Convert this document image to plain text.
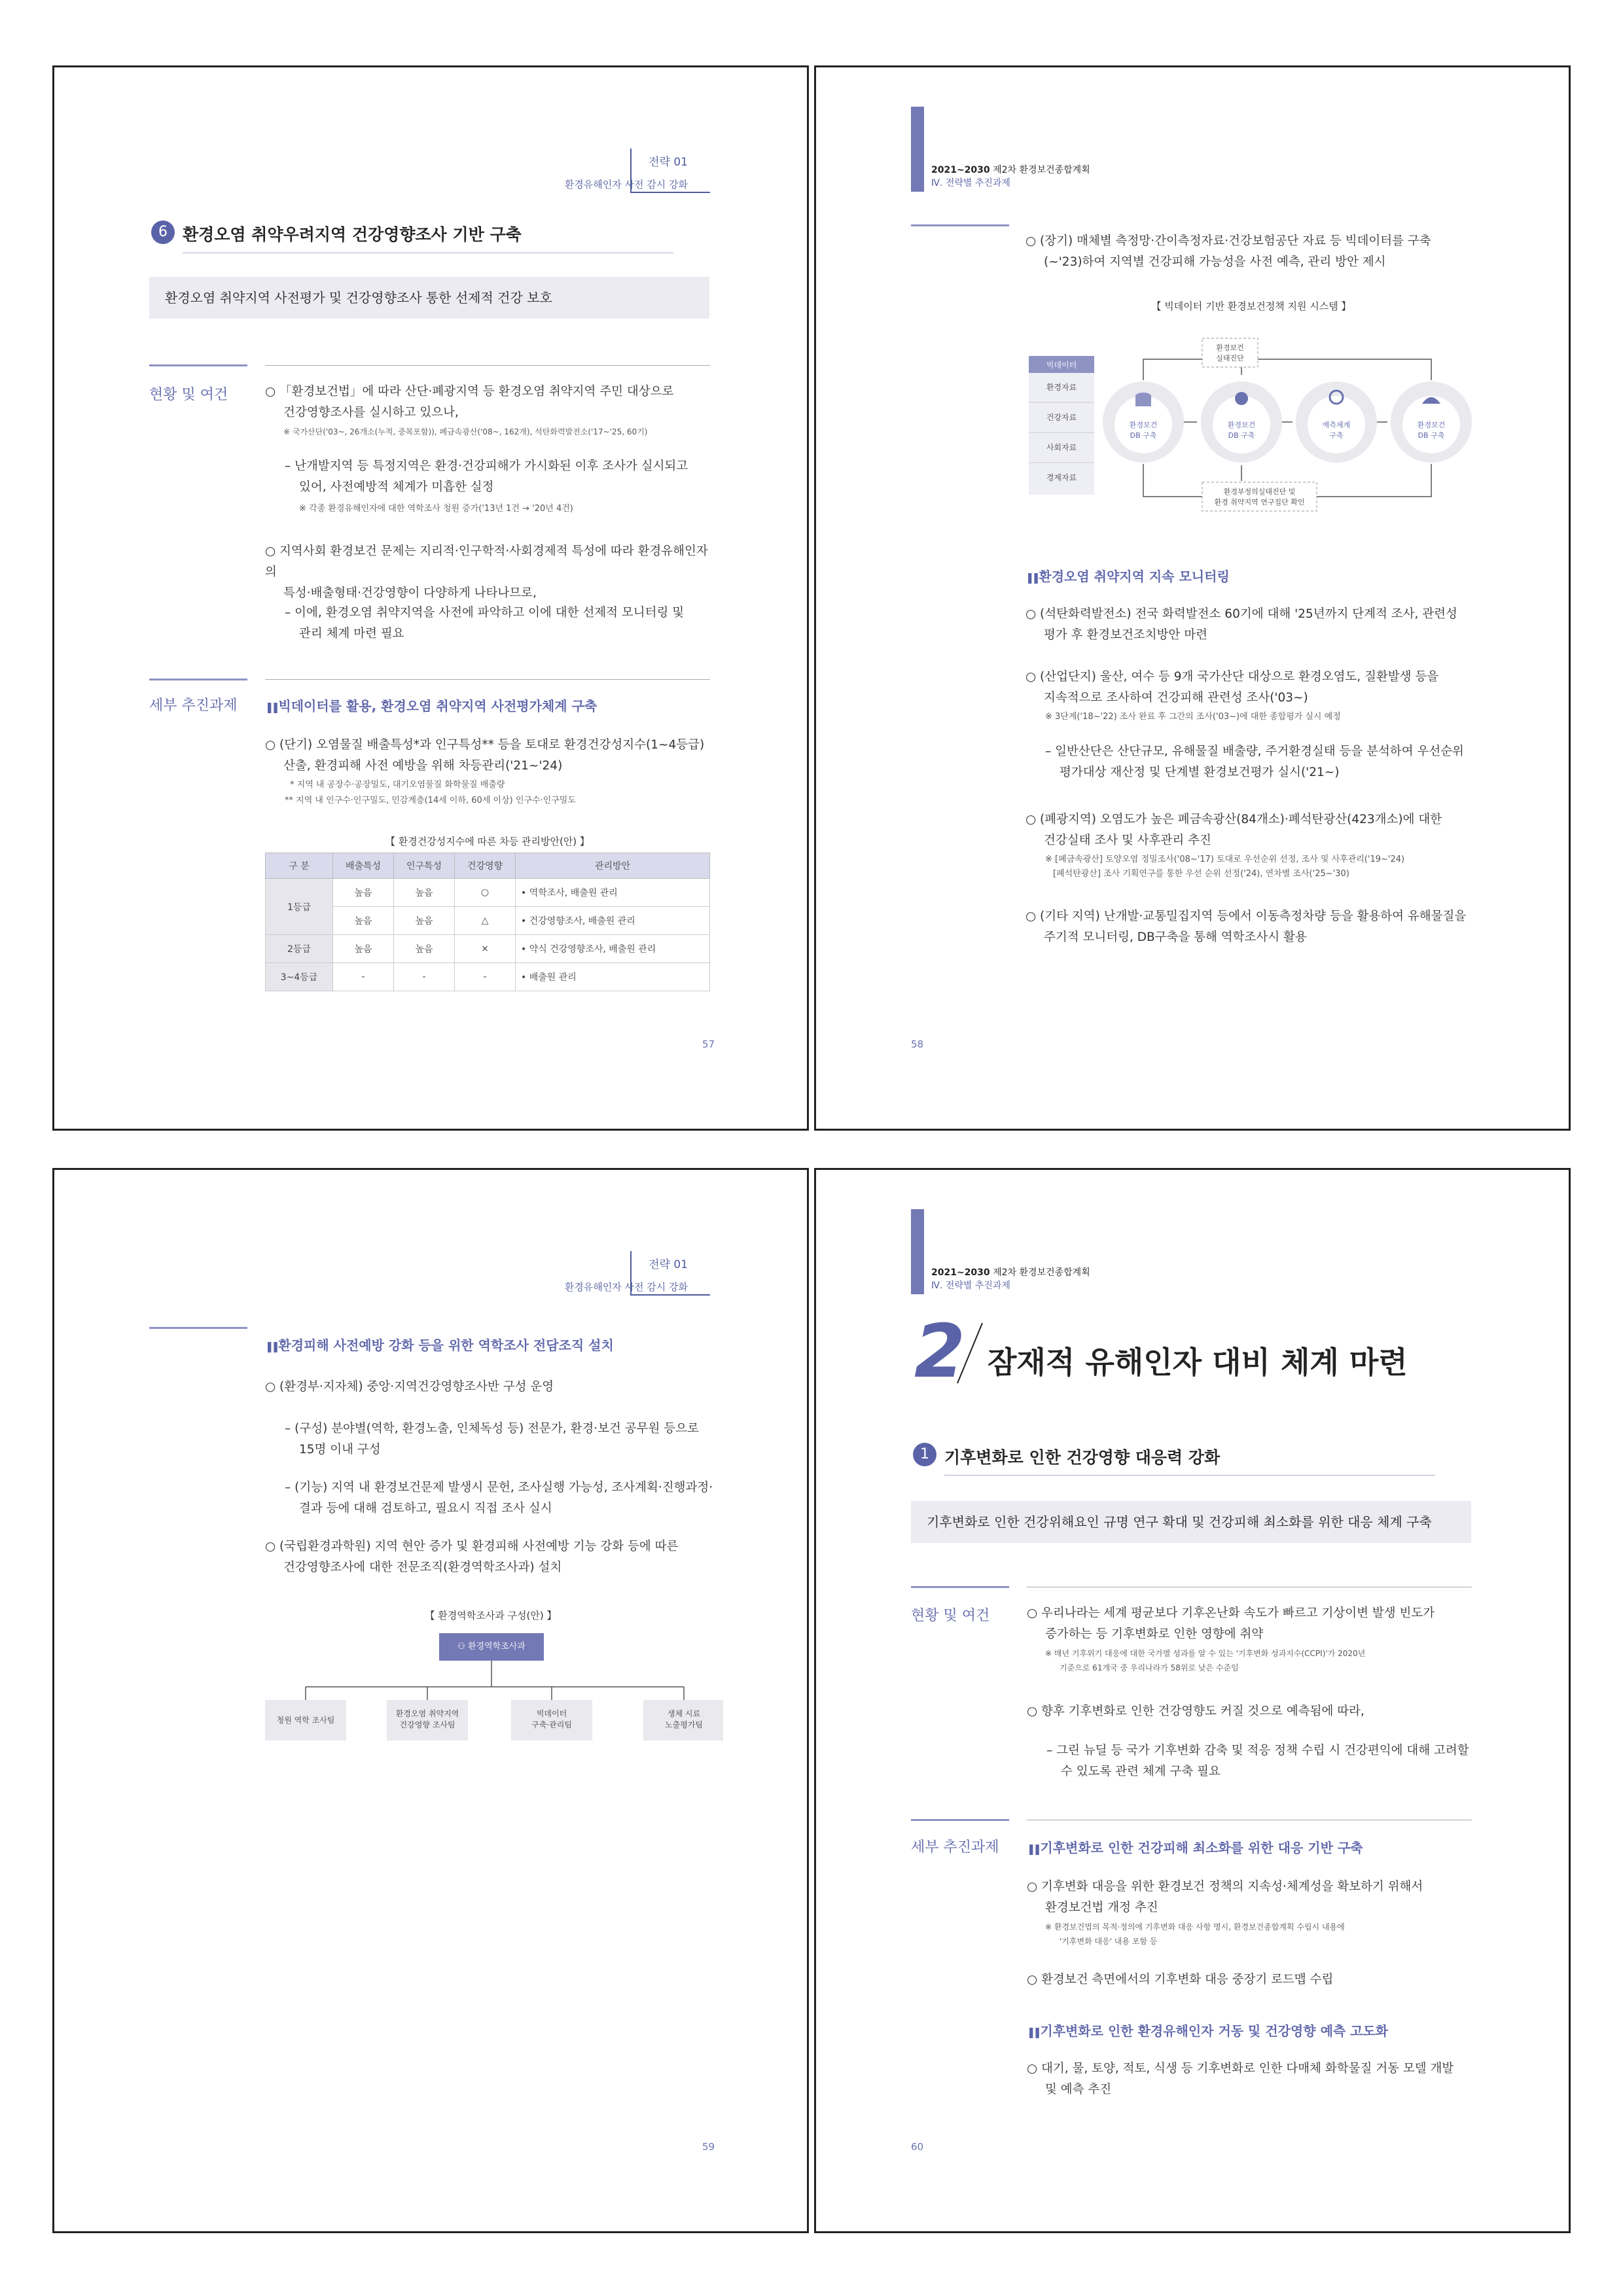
전략 01
환경유해인자 사전 감시 강화
6 환경오염 취약우려지역 건강영향조사 기반 구축
환경오염 취약지역 사전평가 및 건강영향조사 통한 선제적 건강 보호
현황 및 여건	○ 「환경보건법」에 따라 산단·폐광지역 등 환경오염 취약지역 주민 대상으로
건강영향조사를 실시하고 있으나,
※ 국가산단('03~, 26개소(누적, 중복포함)), 폐금속광산('08~, 162개), 석탄화력발전소('17~'25, 60기)
– 난개발지역 등 특정지역은 환경·건강피해가 가시화된 이후 조사가 실시되고
있어, 사전예방적 체계가 미흡한 실정
※ 각종 환경유해인자에 대한 역학조사 청원 증가('13년 1건 → '20년 4건)
○ 지역사회 환경보건 문제는 지리적·인구학적·사회경제적 특성에 따라 환경유해인자의
특성·배출형태·건강영향이 다양하게 나타나므로,
– 이에, 환경오염 취약지역을 사전에 파악하고 이에 대한 선제적 모니터링 및
관리 체계 마련 필요
세부 추진과제	❚❚ 빅데이터를 활용, 환경오염 취약지역 사전평가체계 구축
○ (단기) 오염물질 배출특성*과 인구특성** 등을 토대로 환경건강성지수(1~4등급)
산출, 환경피해 사전 예방을 위해 차등관리('21~'24)
* 지역 내 공장수·공장밀도, 대기오염물질 화학물질 배출량
** 지역 내 인구수·인구밀도, 민감계층(14세 이하, 60세 이상) 인구수·인구밀도
【 환경건강성지수에 따른 차등 관리방안(안) 】
구 분	배출특성	인구특성	건강영향	관리방안
1등급	높음	높음	○	• 역학조사, 배출원 관리
	높음	높음	△	• 건강영향조사, 배출원 관리
2등급	높음	높음	×	• 약식 건강영향조사, 배출원 관리
3~4등급	-	-	-	• 배출원 관리
57
2021~2030 제2차 환경보건종합계획
Ⅳ. 전략별 추진과제
○ (장기) 매체별 측정망·간이측정자료·건강보험공단 자료 등 빅데이터를 구축
(~'23)하여 지역별 건강피해 가능성을 사전 예측, 관리 방안 제시
【 빅데이터 기반 환경보건정책 지원 시스템 】
빅데이터
환경자료
건강자료
사회자료
경제자료
환경보건
실태진단
환경부정의실태진단 및
환경 취약지역 연구집단 확인
환경보건
DB 구축
환경보건
DB 구축
예측체계
구축
환경보건
DB 구축
❚❚ 환경오염 취약지역 지속 모니터링
○ (석탄화력발전소) 전국 화력발전소 60기에 대해 '25년까지 단계적 조사, 관련성
평가 후 환경보건조치방안 마련
○ (산업단지) 울산, 여수 등 9개 국가산단 대상으로 환경오염도, 질환발생 등을
지속적으로 조사하여 건강피해 관련성 조사('03~)
※ 3단계('18~'22) 조사 완료 후 그간의 조사('03~)에 대한 종합평가 실시 예정
– 일반산단은 산단규모, 유해물질 배출량, 주거환경실태 등을 분석하여 우선순위
평가대상 재산정 및 단계별 환경보건평가 실시('21~)
○ (폐광지역) 오염도가 높은 폐금속광산(84개소)·폐석탄광산(423개소)에 대한
건강실태 조사 및 사후관리 추진
※ [폐금속광산] 토양오염 정밀조사('08~'17) 토대로 우선순위 선정, 조사 및 사후관리('19~'24)
[폐석탄광산] 조사 기획연구를 통한 우선 순위 선정('24), 연차별 조사('25~'30)
○ (기타 지역) 난개발·교통밀집지역 등에서 이동측정차량 등을 활용하여 유해물질을
주기적 모니터링, DB구축을 통해 역학조사시 활용
58
전략 01
환경유해인자 사전 감시 강화
❚❚ 환경피해 사전예방 강화 등을 위한 역학조사 전담조직 설치
○ (환경부·지자체) 중앙·지역건강영향조사반 구성 운영
– (구성) 분야별(역학, 환경노출, 인체독성 등) 전문가, 환경·보건 공무원 등으로
15명 이내 구성
– (기능) 지역 내 환경보건문제 발생시 문헌, 조사실행 가능성, 조사계획·진행과정·
결과 등에 대해 검토하고, 필요시 직접 조사 실시
○ (국립환경과학원) 지역 현안 증가 및 환경피해 사전예방 기능 강화 등에 따른
건강영향조사에 대한 전문조직(환경역학조사과) 설치
【 환경역학조사과 구성(안) 】
⚇ 환경역학조사과
청원 역학 조사팀
환경오염 취약지역
건강영향 조사팀
빅데이터
구축·관리팀
생체 시료
노출평가팀
59
2021~2030 제2차 환경보건종합계획
Ⅳ. 전략별 추진과제
2 잠재적 유해인자 대비 체계 마련
1 기후변화로 인한 건강영향 대응력 강화
기후변화로 인한 건강위해요인 규명 연구 확대 및 건강피해 최소화를 위한 대응 체계 구축
현황 및 여건	○ 우리나라는 세계 평균보다 기후온난화 속도가 빠르고 기상이변 발생 빈도가
증가하는 등 기후변화로 인한 영향에 취약
※ 매년 기후위기 대응에 대한 국가별 성과를 알 수 있는 '기후변화 성과지수(CCPI)'가 2020년
기준으로 61개국 중 우리나라가 58위로 낮은 수준임
○ 향후 기후변화로 인한 건강영향도 커질 것으로 예측됨에 따라,
– 그린 뉴딜 등 국가 기후변화 감축 및 적응 정책 수립 시 건강편익에 대해 고려할
수 있도록 관련 체계 구축 필요
세부 추진과제	❚❚ 기후변화로 인한 건강피해 최소화를 위한 대응 기반 구축
○ 기후변화 대응을 위한 환경보건 정책의 지속성·체계성을 확보하기 위해서
환경보건법 개정 추진
※ 환경보건법의 목적·정의에 기후변화 대응 사항 명시, 환경보건종합계획 수립시 내용에
'기후변화 대응' 내용 포함 등
○ 환경보건 측면에서의 기후변화 대응 중장기 로드맵 수립
❚❚ 기후변화로 인한 환경유해인자 거동 및 건강영향 예측 고도화
○ 대기, 물, 토양, 적토, 식생 등 기후변화로 인한 다매체 화학물질 거동 모델 개발
및 예측 추진
60
